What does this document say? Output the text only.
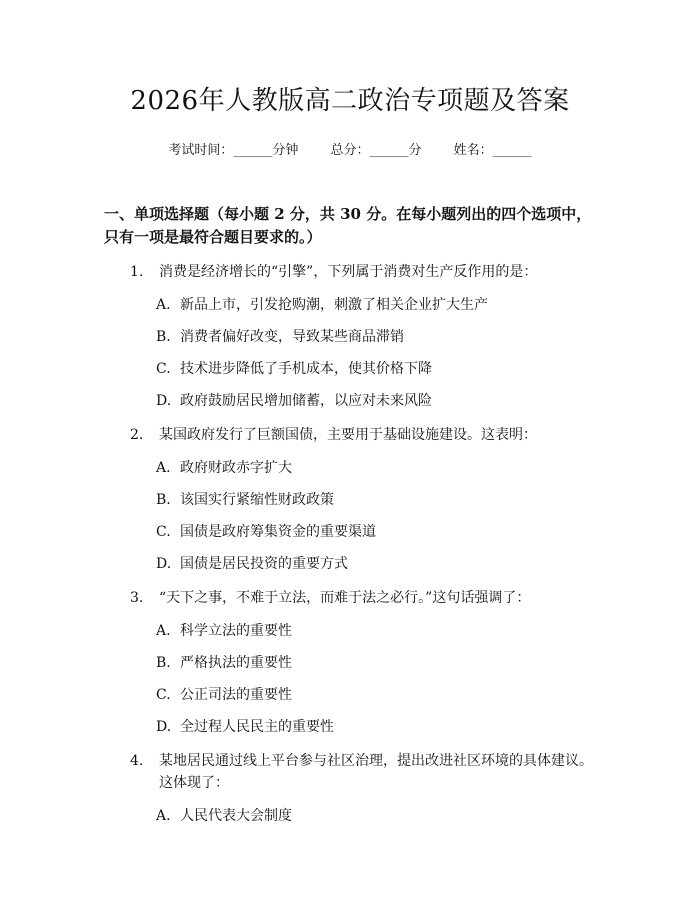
2026年人教版高二政治专项题及答案
考试时间：______分钟 总分：______分 姓名：______
一、单项选择题（每小题 2 分，共 30 分。在每小题列出的四个选项中，只有一项是最符合题目要求的。）
1.	消费是经济增长的“引擎”，下列属于消费对生产反作用的是：
A. 新品上市，引发抢购潮，刺激了相关企业扩大生产
B. 消费者偏好改变，导致某些商品滞销
C. 技术进步降低了手机成本，使其价格下降
D. 政府鼓励居民增加储蓄，以应对未来风险
2.	某国政府发行了巨额国债，主要用于基础设施建设。这表明：
A. 政府财政赤字扩大
B. 该国实行紧缩性财政政策
C. 国债是政府筹集资金的重要渠道
D. 国债是居民投资的重要方式
3.	“天下之事，不难于立法，而难于法之必行。”这句话强调了：
A. 科学立法的重要性
B. 严格执法的重要性
C. 公正司法的重要性
D. 全过程人民民主的重要性
4.	某地居民通过线上平台参与社区治理，提出改进社区环境的具体建议。这体现了：
A. 人民代表大会制度
